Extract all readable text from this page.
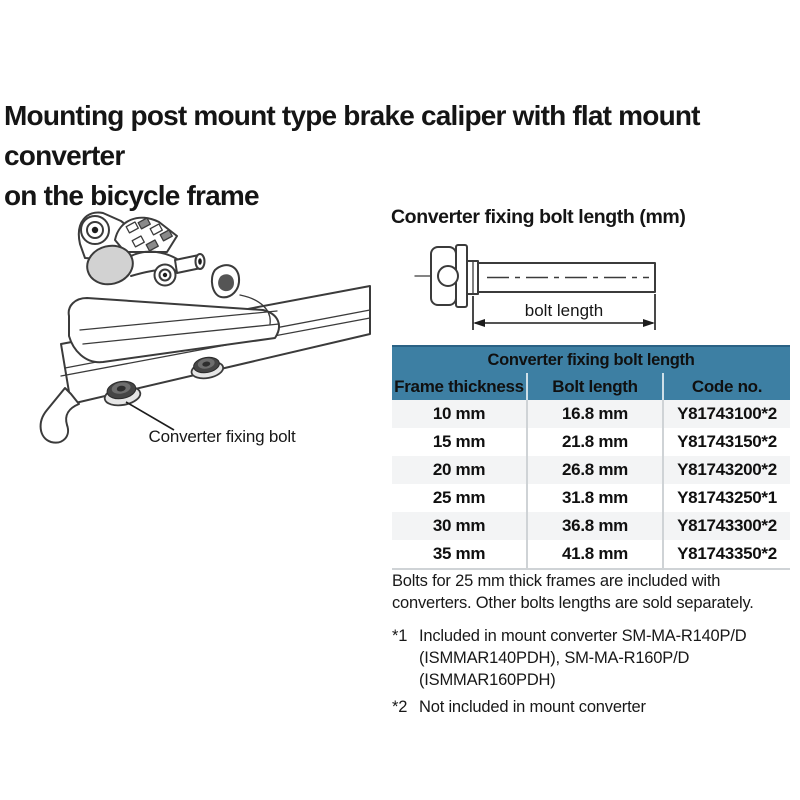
Mounting post mount type brake caliper with flat mount converter
on the bicycle frame
Converter fixing bolt
Converter fixing bolt length (mm)
bolt length
Converter fixing bolt length		
Frame thickness	Bolt length	Code no.
10 mm	16.8 mm	Y81743100*2
15 mm	21.8 mm	Y81743150*2
20 mm	26.8 mm	Y81743200*2
25 mm	31.8 mm	Y81743250*1
30 mm	36.8 mm	Y81743300*2
35 mm	41.8 mm	Y81743350*2

Bolts for 25 mm thick frames are included with converters. Other bolts lengths are sold separately.

*1 Included in mount converter SM-MA-R140P/D (ISMMAR140PDH), SM-MA-R160P/D (ISMMAR160PDH)
*2 Not included in mount converter
